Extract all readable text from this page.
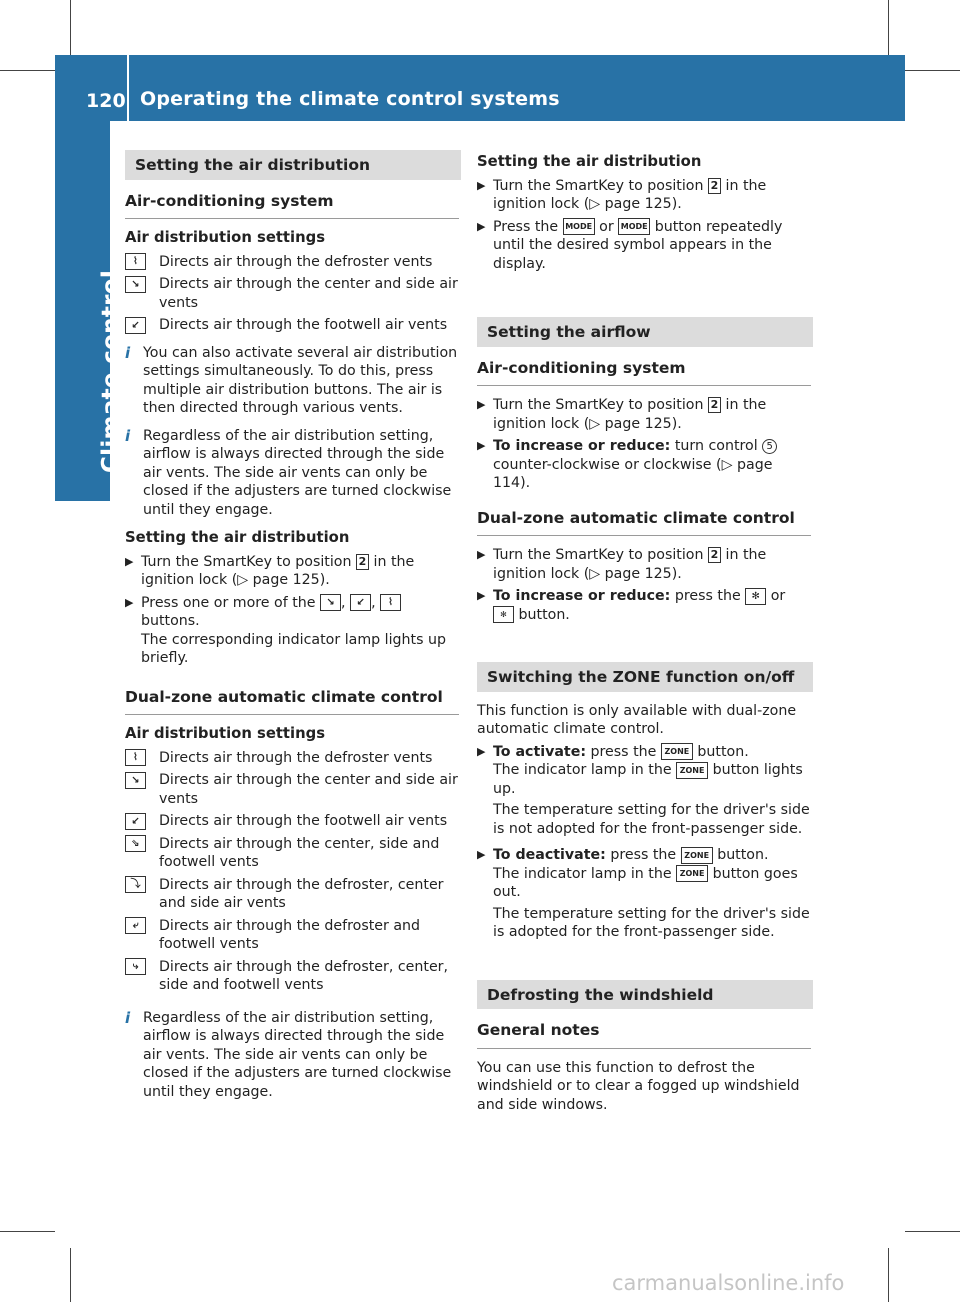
120 Operating the climate control systems
Climate control
Setting the air distribution
Air-conditioning system
Air distribution settings
⌇	Directs air through the defroster vents
↘	Directs air through the center and side air vents
↙	Directs air through the footwell air vents
i You can also activate several air distribution settings simultaneously. To do this, press multiple air distribution buttons. The air is then directed through various vents.
i Regardless of the air distribution setting, airflow is always directed through the side air vents. The side air vents can only be closed if the adjusters are turned clockwise until they engage.
Setting the air distribution
▶ Turn the SmartKey to position 2 in the ignition lock (▷ page 125).
▶ Press one or more of the ↘ , ↙ , ⌇ buttons.
The corresponding indicator lamp lights up briefly.
Dual-zone automatic climate control
Air distribution settings
⌇	Directs air through the defroster vents
↘	Directs air through the center and side air vents
↙	Directs air through the footwell air vents
⇘	Directs air through the center, side and footwell vents
⤵	Directs air through the defroster, center and side air vents
⤶	Directs air through the defroster and footwell vents
⤷	Directs air through the defroster, center, side and footwell vents
i Regardless of the air distribution setting, airflow is always directed through the side air vents. The side air vents can only be closed if the adjusters are turned clockwise until they engage.
Setting the air distribution
▶ Turn the SmartKey to position 2 in the ignition lock (▷ page 125).
▶ Press the MODE or MODE button repeatedly until the desired symbol appears in the display.
Setting the airflow
Air-conditioning system
▶ Turn the SmartKey to position 2 in the ignition lock (▷ page 125).
▶ To increase or reduce: turn control 5 counter-clockwise or clockwise (▷ page 114).
Dual-zone automatic climate control
▶ Turn the SmartKey to position 2 in the ignition lock (▷ page 125).
▶ To increase or reduce: press the ✻ or
✻ button.
Switching the ZONE function on/off
This function is only available with dual-zone automatic climate control.
▶ To activate: press the ZONE button.
The indicator lamp in the ZONE button lights up.
The temperature setting for the driver's side is not adopted for the front-passenger side.
▶ To deactivate: press the ZONE button.
The indicator lamp in the ZONE button goes out.
The temperature setting for the driver's side is adopted for the front-passenger side.
Defrosting the windshield
General notes
You can use this function to defrost the windshield or to clear a fogged up windshield and side windows.
carmanualsonline.info
